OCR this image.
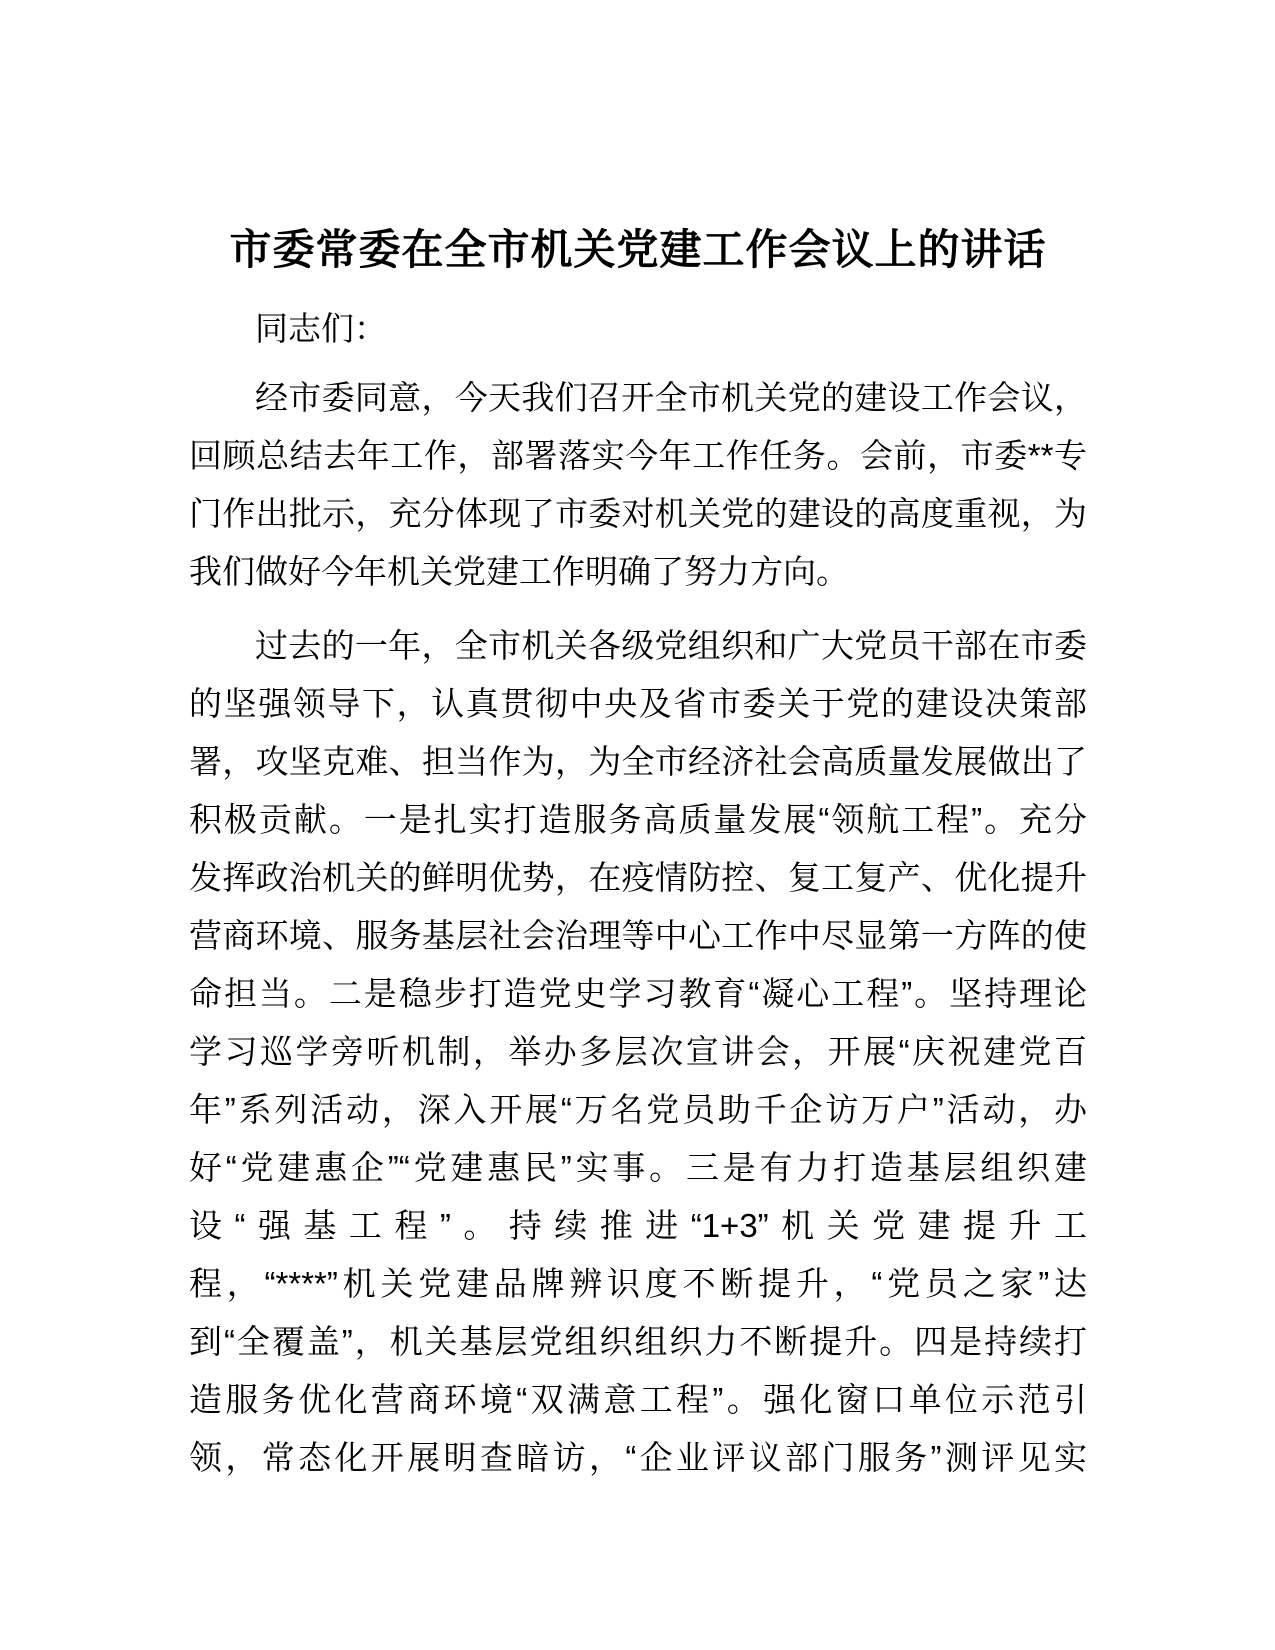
市委常委在全市机关党建工作会议上的讲话

同志们：

经市委同意，今天我们召开全市机关党的建设工作会议，
回顾总结去年工作，部署落实今年工作任务。会前，市委**专
门作出批示，充分体现了市委对机关党的建设的高度重视，为
我们做好今年机关党建工作明确了努力方向。
过去的一年，全市机关各级党组织和广大党员干部在市委
的坚强领导下，认真贯彻中央及省市委关于党的建设决策部
署，攻坚克难、担当作为，为全市经济社会高质量发展做出了
积极贡献。一是扎实打造服务高质量发展“领航工程”。充分
发挥政治机关的鲜明优势，在疫情防控、复工复产、优化提升
营商环境、服务基层社会治理等中心工作中尽显第一方阵的使
命担当。二是稳步打造党史学习教育“凝心工程”。坚持理论
学习巡学旁听机制，举办多层次宣讲会，开展“庆祝建党百
年”系列活动，深入开展“万名党员助千企访万户”活动，办
好“党建惠企”“党建惠民”实事。三是有力打造基层组织建
设“强基工程”。持续推进“1+3”机关党建提升工
程，“****”机关党建品牌辨识度不断提升，“党员之家”达
到“全覆盖”，机关基层党组织组织力不断提升。四是持续打
造服务优化营商环境“双满意工程”。强化窗口单位示范引
领，常态化开展明查暗访，“企业评议部门服务”测评见实
